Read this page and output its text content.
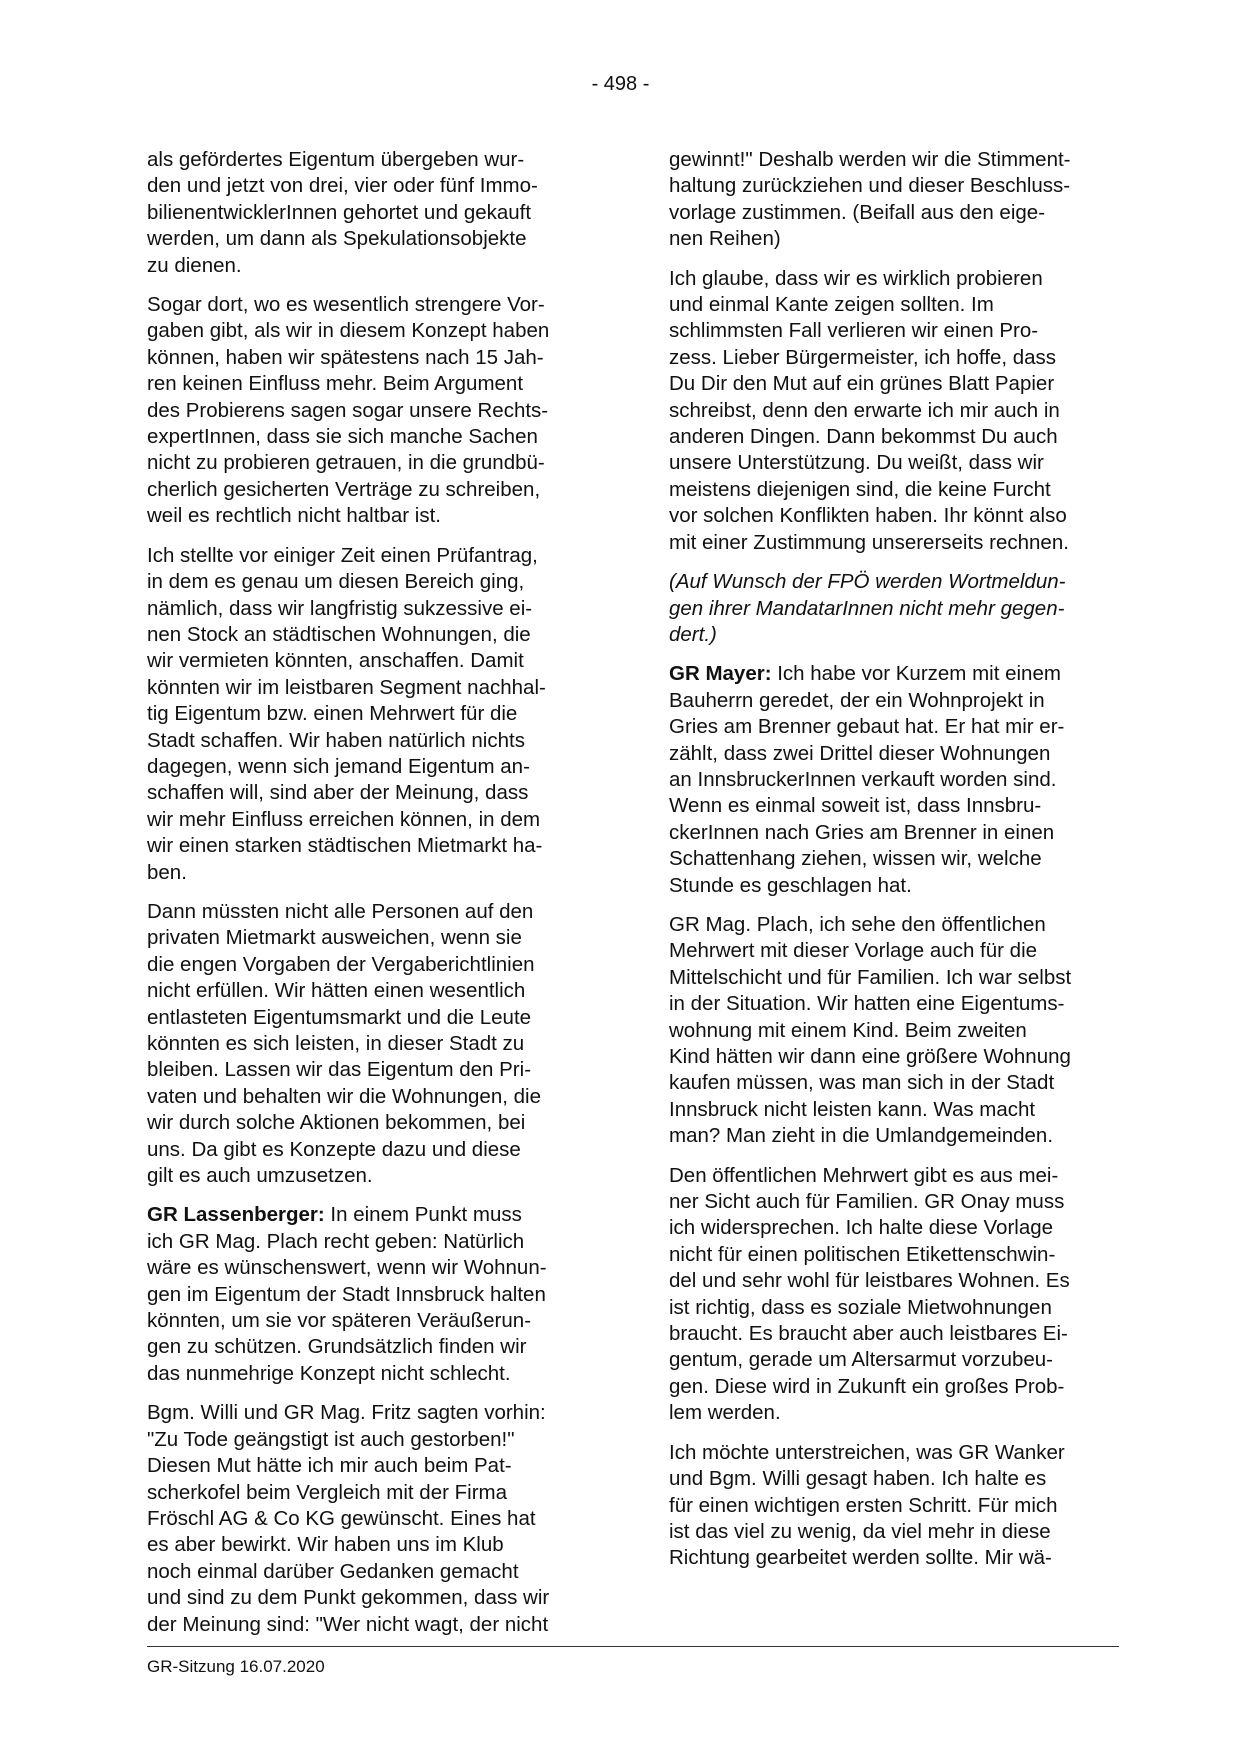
- 498 -

als gefördertes Eigentum übergeben wur-
den und jetzt von drei, vier oder fünf Immo-
bilienentwicklerInnen gehortet und gekauft
werden, um dann als Spekulationsobjekte
zu dienen.

Sogar dort, wo es wesentlich strengere Vor-
gaben gibt, als wir in diesem Konzept haben
können, haben wir spätestens nach 15 Jah-
ren keinen Einfluss mehr. Beim Argument
des Probierens sagen sogar unsere Rechts-
expertInnen, dass sie sich manche Sachen
nicht zu probieren getrauen, in die grundbü-
cherlich gesicherten Verträge zu schreiben,
weil es rechtlich nicht haltbar ist.

Ich stellte vor einiger Zeit einen Prüfantrag,
in dem es genau um diesen Bereich ging,
nämlich, dass wir langfristig sukzessive ei-
nen Stock an städtischen Wohnungen, die
wir vermieten könnten, anschaffen. Damit
könnten wir im leistbaren Segment nachhal-
tig Eigentum bzw. einen Mehrwert für die
Stadt schaffen. Wir haben natürlich nichts
dagegen, wenn sich jemand Eigentum an-
schaffen will, sind aber der Meinung, dass
wir mehr Einfluss erreichen können, in dem
wir einen starken städtischen Mietmarkt ha-
ben.

Dann müssten nicht alle Personen auf den
privaten Mietmarkt ausweichen, wenn sie
die engen Vorgaben der Vergaberichtlinien
nicht erfüllen. Wir hätten einen wesentlich
entlasteten Eigentumsmarkt und die Leute
könnten es sich leisten, in dieser Stadt zu
bleiben. Lassen wir das Eigentum den Pri-
vaten und behalten wir die Wohnungen, die
wir durch solche Aktionen bekommen, bei
uns. Da gibt es Konzepte dazu und diese
gilt es auch umzusetzen.

GR Lassenberger: In einem Punkt muss
ich GR Mag. Plach recht geben: Natürlich
wäre es wünschenswert, wenn wir Wohnun-
gen im Eigentum der Stadt Innsbruck halten
könnten, um sie vor späteren Veräußerun-
gen zu schützen. Grundsätzlich finden wir
das nunmehrige Konzept nicht schlecht.

Bgm. Willi und GR Mag. Fritz sagten vorhin:
"Zu Tode geängstigt ist auch gestorben!"
Diesen Mut hätte ich mir auch beim Pat-
scherkofel beim Vergleich mit der Firma
Fröschl AG & Co KG gewünscht. Eines hat
es aber bewirkt. Wir haben uns im Klub
noch einmal darüber Gedanken gemacht
und sind zu dem Punkt gekommen, dass wir
der Meinung sind: "Wer nicht wagt, der nicht

gewinnt!" Deshalb werden wir die Stimment-
haltung zurückziehen und dieser Beschluss-
vorlage zustimmen. (Beifall aus den eige-
nen Reihen)

Ich glaube, dass wir es wirklich probieren
und einmal Kante zeigen sollten. Im
schlimmsten Fall verlieren wir einen Pro-
zess. Lieber Bürgermeister, ich hoffe, dass
Du Dir den Mut auf ein grünes Blatt Papier
schreibst, denn den erwarte ich mir auch in
anderen Dingen. Dann bekommst Du auch
unsere Unterstützung. Du weißt, dass wir
meistens diejenigen sind, die keine Furcht
vor solchen Konflikten haben. Ihr könnt also
mit einer Zustimmung unsererseits rechnen.

(Auf Wunsch der FPÖ werden Wortmeldun-
gen ihrer MandatarInnen nicht mehr gegen-
dert.)

GR Mayer: Ich habe vor Kurzem mit einem
Bauherrn geredet, der ein Wohnprojekt in
Gries am Brenner gebaut hat. Er hat mir er-
zählt, dass zwei Drittel dieser Wohnungen
an InnsbruckerInnen verkauft worden sind.
Wenn es einmal soweit ist, dass Innsbru-
ckerInnen nach Gries am Brenner in einen
Schattenhang ziehen, wissen wir, welche
Stunde es geschlagen hat.

GR Mag. Plach, ich sehe den öffentlichen
Mehrwert mit dieser Vorlage auch für die
Mittelschicht und für Familien. Ich war selbst
in der Situation. Wir hatten eine Eigentums-
wohnung mit einem Kind. Beim zweiten
Kind hätten wir dann eine größere Wohnung
kaufen müssen, was man sich in der Stadt
Innsbruck nicht leisten kann. Was macht
man? Man zieht in die Umlandgemeinden.

Den öffentlichen Mehrwert gibt es aus mei-
ner Sicht auch für Familien. GR Onay muss
ich widersprechen. Ich halte diese Vorlage
nicht für einen politischen Etikettenschwin-
del und sehr wohl für leistbares Wohnen. Es
ist richtig, dass es soziale Mietwohnungen
braucht. Es braucht aber auch leistbares Ei-
gentum, gerade um Altersarmut vorzubeu-
gen. Diese wird in Zukunft ein großes Prob-
lem werden.

Ich möchte unterstreichen, was GR Wanker
und Bgm. Willi gesagt haben. Ich halte es
für einen wichtigen ersten Schritt. Für mich
ist das viel zu wenig, da viel mehr in diese
Richtung gearbeitet werden sollte. Mir wä-

GR-Sitzung 16.07.2020
